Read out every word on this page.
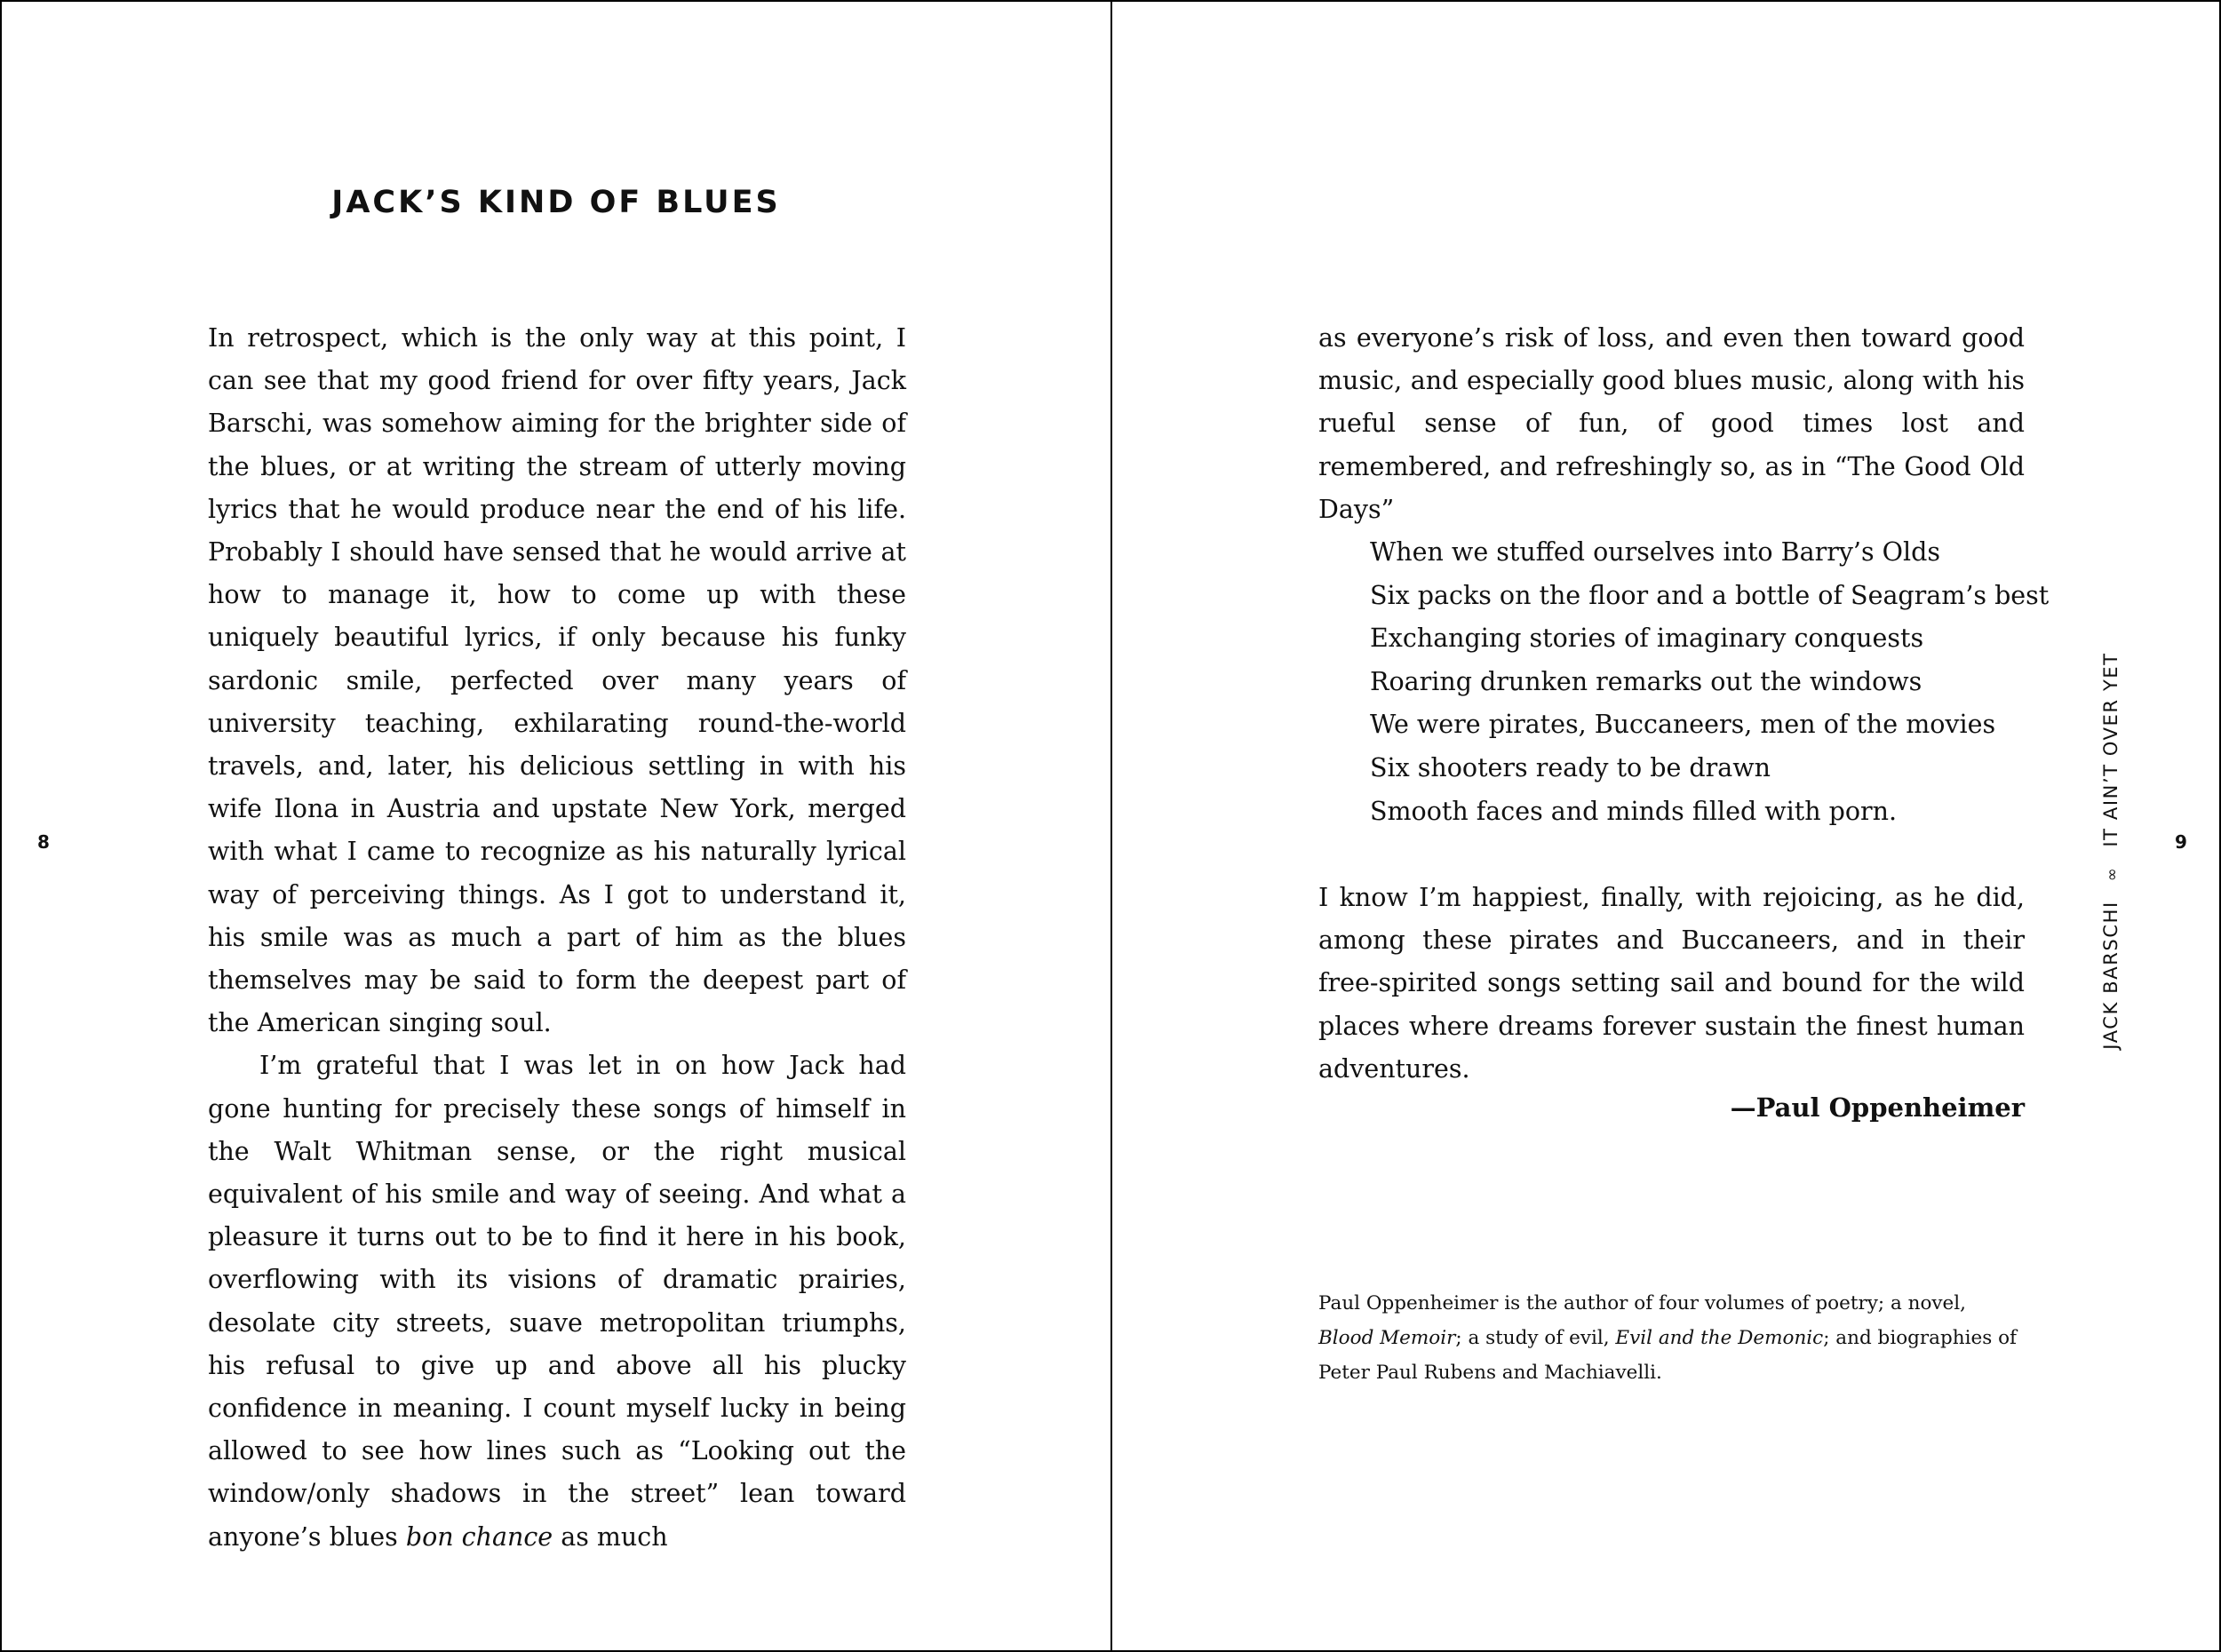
JACK’S KIND OF BLUES

In retrospect, which is the only way at this point, I can see that my good friend for over fifty years, Jack Barschi, was somehow aiming for the brighter side of the blues, or at writing the stream of utterly moving lyrics that he would produce near the end of his life. Probably I should have sensed that he would arrive at how to manage it, how to come up with these uniquely beautiful lyrics, if only because his funky sardonic smile, perfected over many years of university teaching, exhilarating round-the-world travels, and, later, his delicious settling in with his wife Ilona in Austria and upstate New York, merged with what I came to recognize as his naturally lyrical way of perceiving things. As I got to understand it, his smile was as much a part of him as the blues themselves may be said to form the deepest part of the American singing soul.

I’m grateful that I was let in on how Jack had gone hunting for precisely these songs of himself in the Walt Whitman sense, or the right musical equivalent of his smile and way of seeing. And what a pleasure it turns out to be to find it here in his book, overflowing with its visions of dramatic prairies, desolate city streets, suave metropolitan triumphs, his refusal to give up and above all his plucky confidence in meaning. I count myself lucky in being allowed to see how lines such as “Looking out the window/only shadows in the street” lean toward anyone’s blues bon chance as much

8

as everyone’s risk of loss, and even then toward good music, and especially good blues music, along with his rueful sense of fun, of good times lost and remembered, and refreshingly so, as in “The Good Old Days”

When we stuffed ourselves into Barry’s Olds
Six packs on the floor and a bottle of Seagram’s best
Exchanging stories of imaginary conquests
Roaring drunken remarks out the windows
We were pirates, Buccaneers, men of the movies
Six shooters ready to be drawn
Smooth faces and minds filled with porn.

I know I’m happiest, finally, with rejoicing, as he did, among these pirates and Buccaneers, and in their free-spirited songs setting sail and bound for the wild places where dreams forever sustain the finest human adventures.

—Paul Oppenheimer
Paul Oppenheimer is the author of four volumes of poetry; a novel, Blood Memoir; a study of evil, Evil and the Demonic; and biographies of Peter Paul Rubens and Machiavelli.
JACK BARSCHI∞IT AIN’T OVER YET	9
